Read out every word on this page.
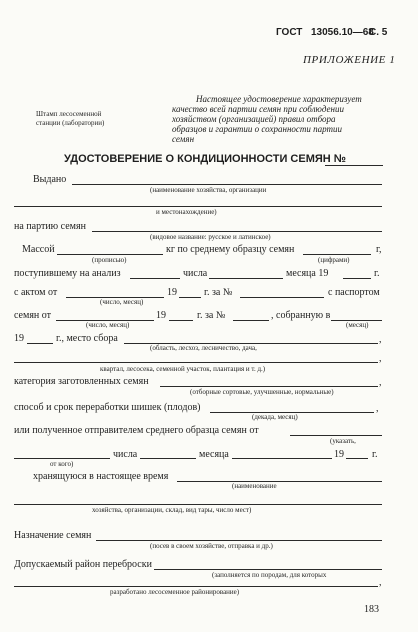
ГОСТ 13056.10—68
С. 5
ПРИЛОЖЕНИЕ 1
Штамп лесосеменной
станции (лаборатории)
Настоящее удостоверение характеризует
качество всей партии семян при соблюдении
хозяйством (организацией) правил отбора
образцов и гарантии о сохранности партии
семян
УДОСТОВЕРЕНИЕ О КОНДИЦИОННОСТИ СЕМЯН №
Выдано
(наименование хозяйства, организации
и местонахождение)
на партию семян
(видовое название: русское и латинское)
Массой	кг по среднему образцу семян	г,
(прописью)	(цифрами)
поступившему на анализ	числа	месяца 19	г.
с актом от	19	г. за №	с паспортом
(число, месяц)
семян от	19	г. за №	, собранную в
(число, месяц)	(месяц)
19	г., место сбора	,
(область, лесхоз, лесничество, дача,
,
квартал, лесосека, семенной участок, плантация и т. д.)
категория заготовленных семян	,
(отборные сортовые, улучшенные, нормальные)
способ и срок переработки шишек (плодов)	,
(декада, месяц)
или полученное отправителем среднего образца семян от
(указать,
числа	месяца	19	г.
от кого)
хранящуюся в настоящее время
(наименование
хозяйства, организации, склад, вид тары, число мест)
Назначение семян
(посев в своем хозяйстве, отправка и др.)
Допускаемый район переброски
(заполняется по породам, для которых
,
разработано лесосеменное районирование)
183
